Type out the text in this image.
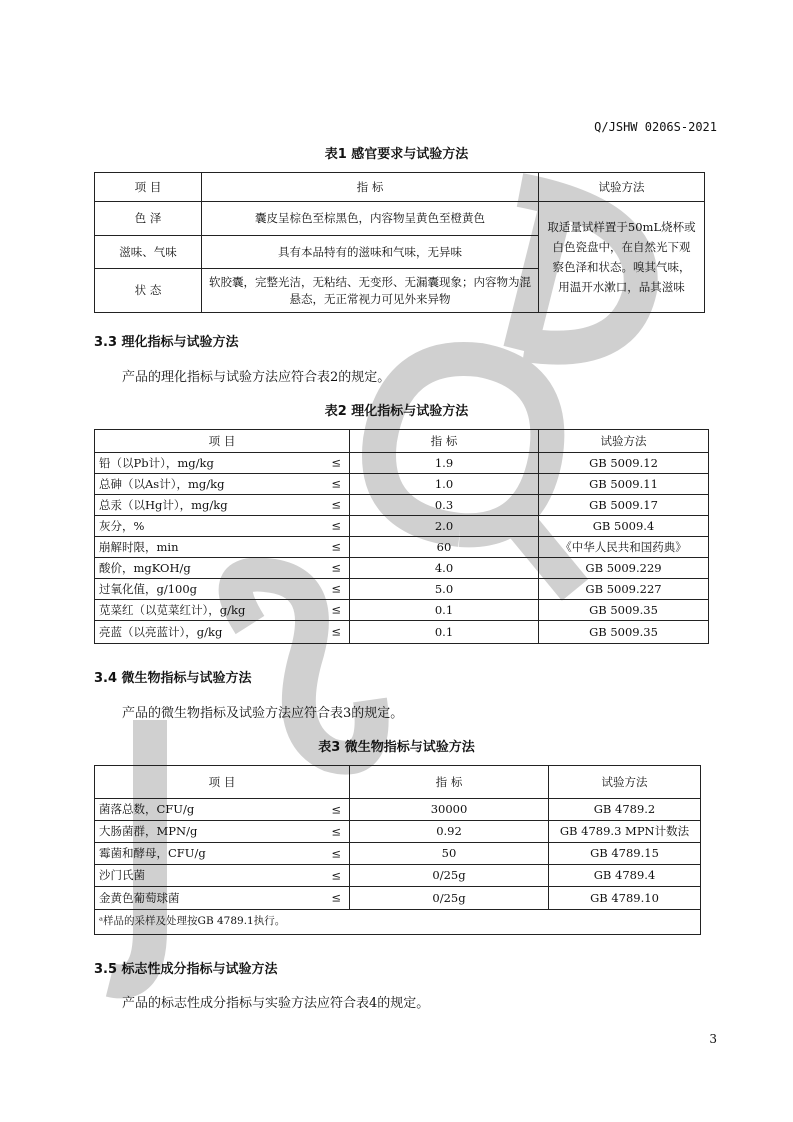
Q/JSHW 0206S-2021
表1 感官要求与试验方法
项 目	指 标	试验方法
色 泽	囊皮呈棕色至棕黑色，内容物呈黄色至橙黄色	取适量试样置于50mL烧杯或白色瓷盘中，在自然光下观察色泽和状态。嗅其气味，用温开水漱口，品其滋味
滋味、气味	具有本品特有的滋味和气味，无异味	
状 态	软胶囊，完整光洁，无粘结、无变形、无漏囊现象；内容物为混悬态，无正常视力可见外来异物	
3.3 理化指标与试验方法
产品的理化指标与试验方法应符合表2的规定。
表2 理化指标与试验方法
项 目	指 标	试验方法
铅（以Pb计），mg/kg ≤	1.9	GB 5009.12
总砷（以As计），mg/kg ≤	1.0	GB 5009.11
总汞（以Hg计），mg/kg ≤	0.3	GB 5009.17
灰分，% ≤	2.0	GB 5009.4
崩解时限，min ≤	60	《中华人民共和国药典》
酸价，mgKOH/g ≤	4.0	GB 5009.229
过氧化值，g/100g ≤	5.0	GB 5009.227
苋菜红（以苋菜红计），g/kg ≤	0.1	GB 5009.35
亮蓝（以亮蓝计），g/kg ≤	0.1	GB 5009.35
3.4 微生物指标与试验方法
产品的微生物指标及试验方法应符合表3的规定。
表3 微生物指标与试验方法
项 目	指 标	试验方法
菌落总数，CFU/g ≤	30000	GB 4789.2
大肠菌群，MPN/g ≤	0.92	GB 4789.3 MPN计数法
霉菌和酵母，CFU/g ≤	50	GB 4789.15
沙门氏菌 ≤	0/25g	GB 4789.4
金黄色葡萄球菌 ≤	0/25g	GB 4789.10
ᵃ样品的采样及处理按GB 4789.1执行。		
3.5 标志性成分指标与试验方法
产品的标志性成分指标与实验方法应符合表4的规定。
3
